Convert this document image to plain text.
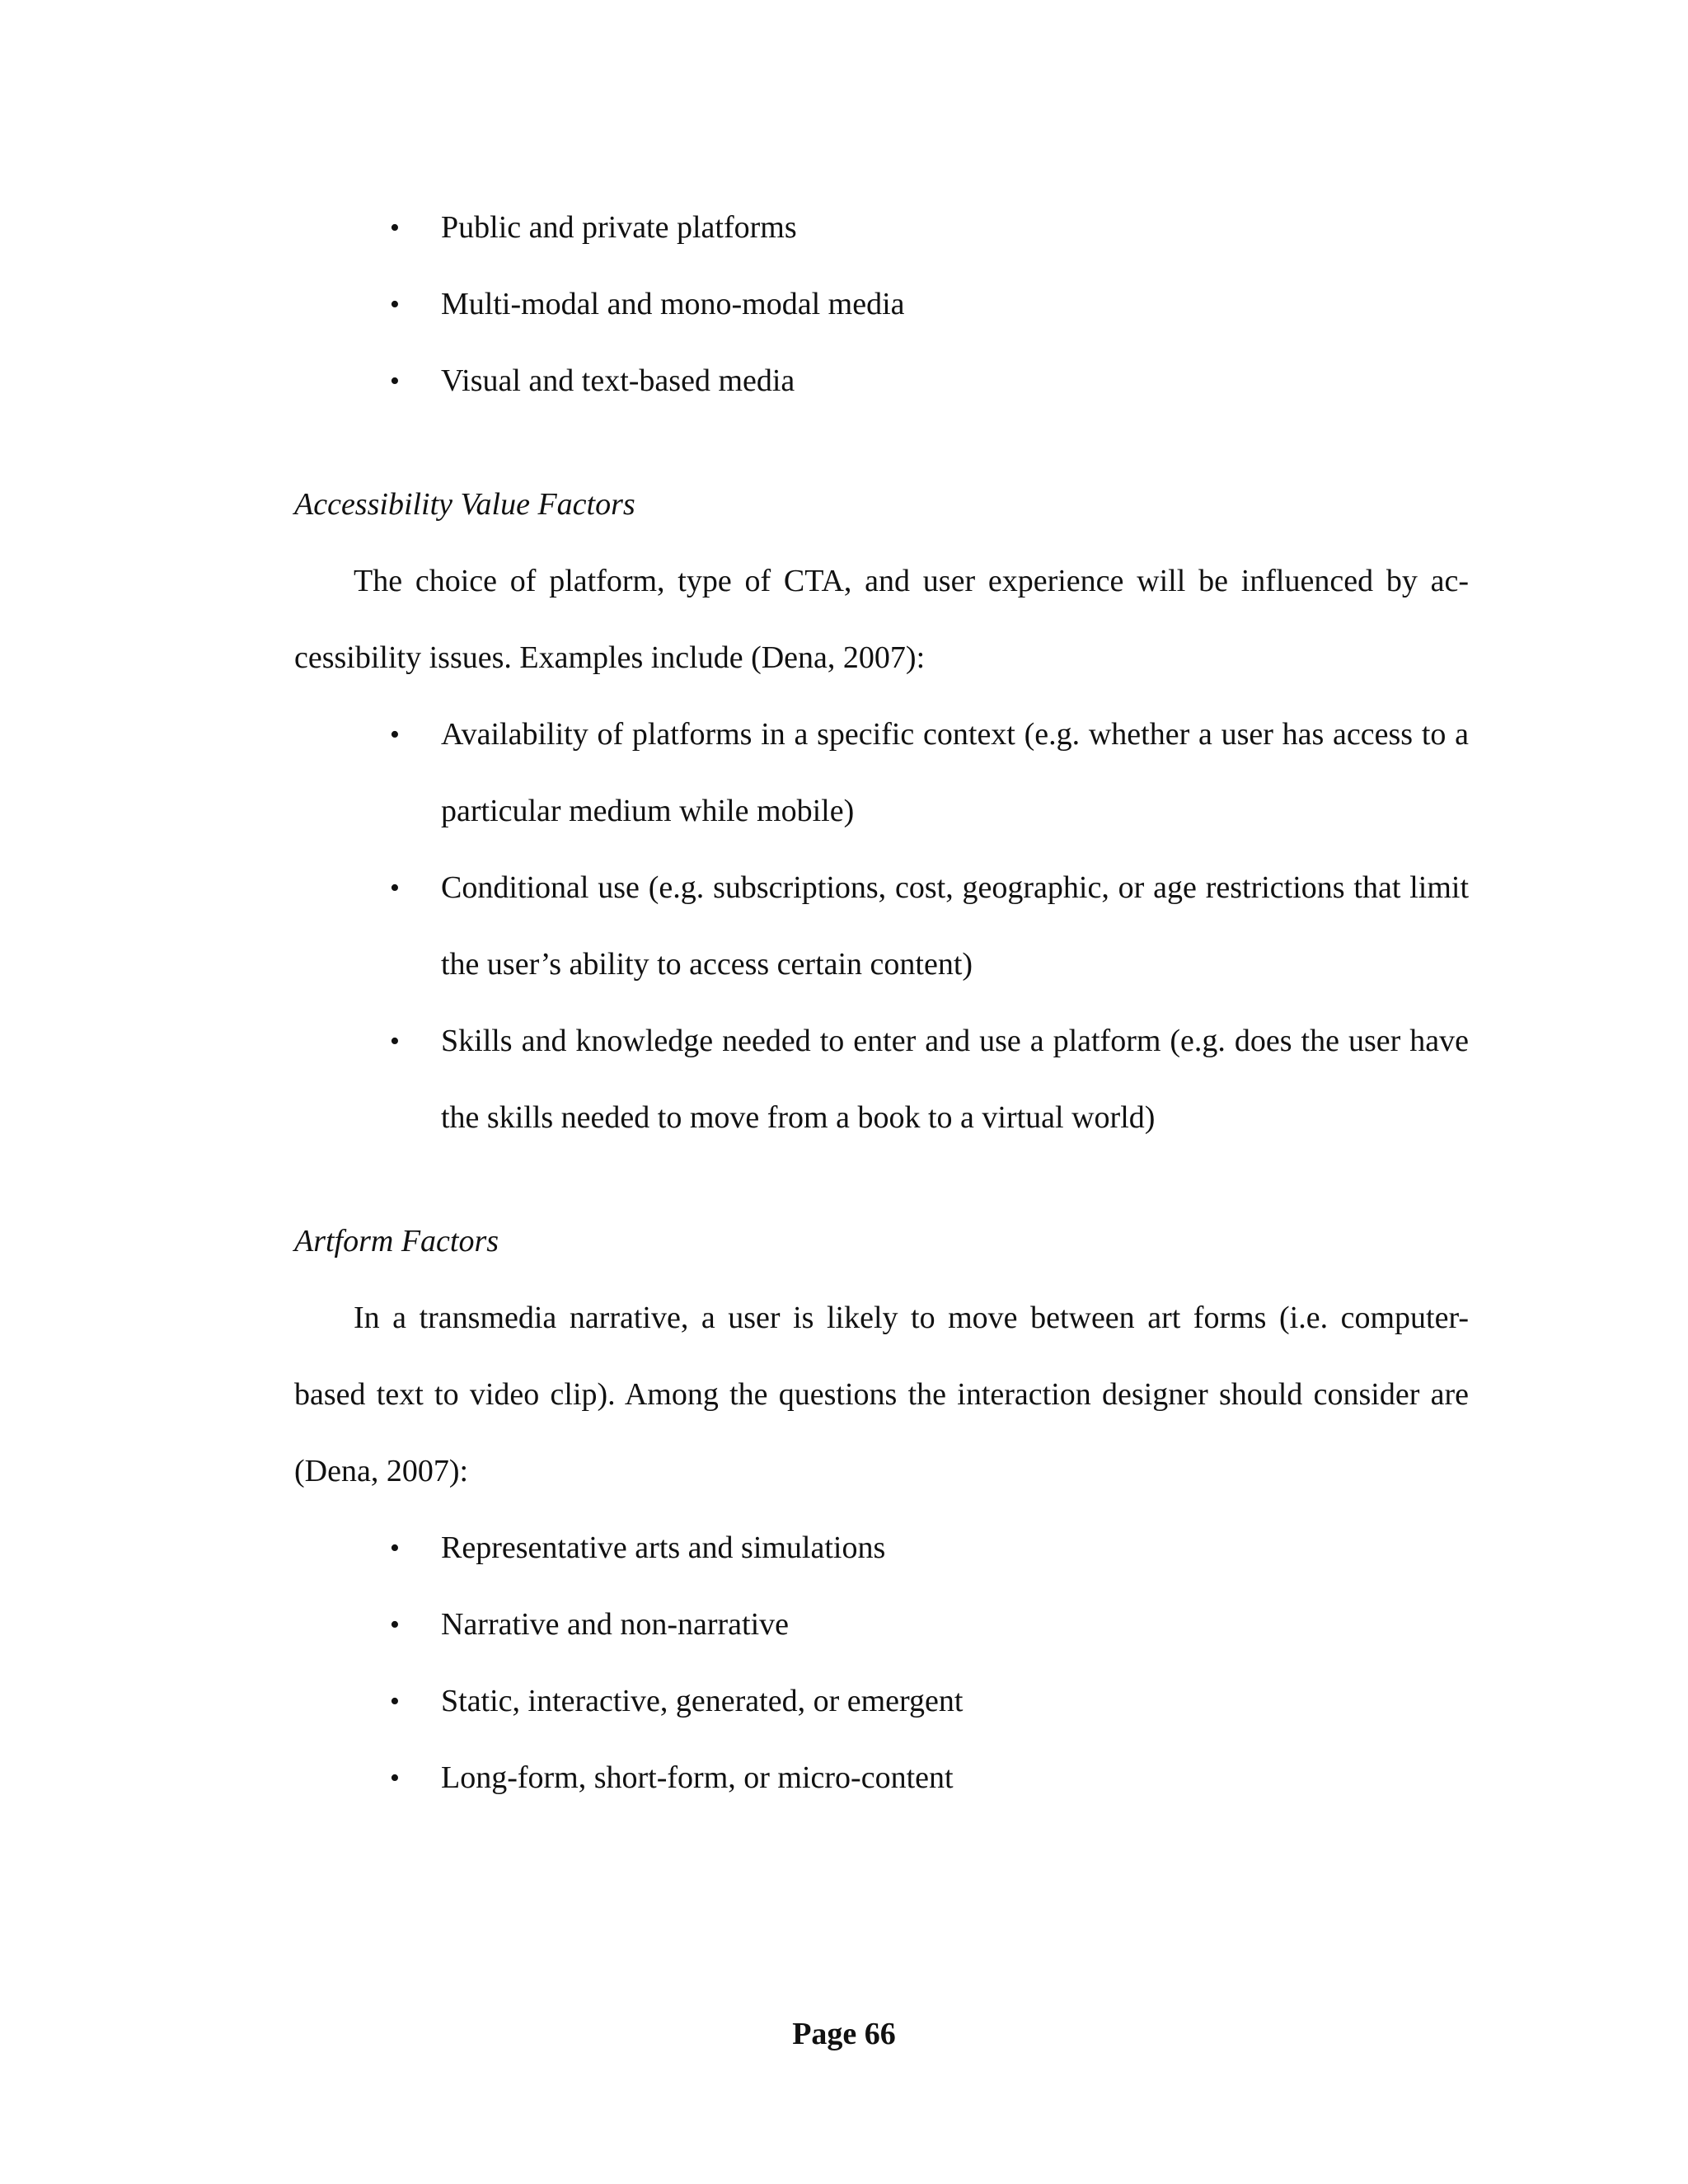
• Public and private platforms
• Multi-modal and mono-modal media
• Visual and text-based media
Accessibility Value Factors
The choice of platform, type of CTA, and user experience will be influenced by ac-cessibility issues. Examples include (Dena, 2007):
• Availability of platforms in a specific context (e.g. whether a user has access to a particular medium while mobile)
• Conditional use (e.g. subscriptions, cost, geographic, or age restrictions that limit the user’s ability to access certain content)
• Skills and knowledge needed to enter and use a platform (e.g. does the user have the skills needed to move from a book to a virtual world)
Artform Factors
In a transmedia narrative, a user is likely to move between art forms (i.e. computer-based text to video clip). Among the questions the interaction designer should consider are (Dena, 2007):
• Representative arts and simulations
• Narrative and non-narrative
• Static, interactive, generated, or emergent
• Long-form, short-form, or micro-content
Page 66
